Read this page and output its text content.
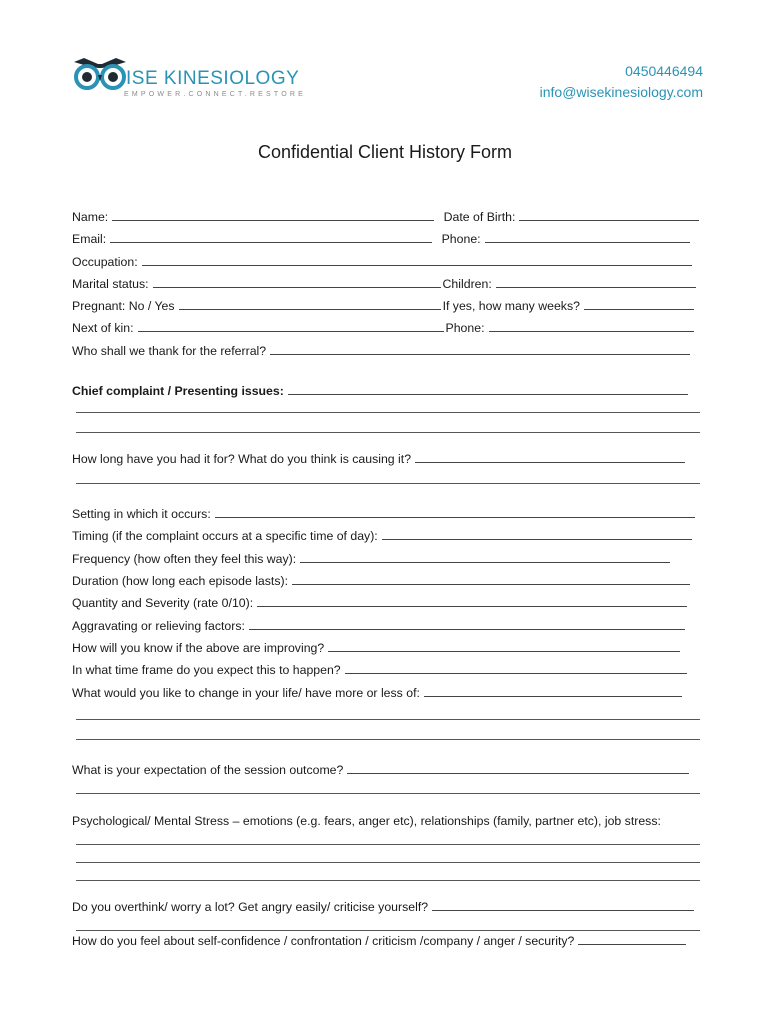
ISE KINESIOLOGY
EMPOWER.CONNECT.RESTORE
0450446494
info@wisekinesiology.com
Confidential Client History Form
Name:	Date of Birth:
Email:	Phone:
Occupation:
Marital status:	Children:
Pregnant: No / Yes	If yes, how many weeks?
Next of kin:	Phone:
Who shall we thank for the referral?
Chief complaint / Presenting issues:
How long have you had it for? What do you think is causing it?
Setting in which it occurs:
Timing (if the complaint occurs at a specific time of day):
Frequency (how often they feel this way):
Duration (how long each episode lasts):
Quantity and Severity (rate 0/10):
Aggravating or relieving factors:
How will you know if the above are improving?
In what time frame do you expect this to happen?
What would you like to change in your life/ have more or less of:
What is your expectation of the session outcome?
Psychological/ Mental Stress – emotions (e.g. fears, anger etc), relationships (family, partner etc), job stress:
Do you overthink/ worry a lot? Get angry easily/ criticise yourself?
How do you feel about self-confidence / confrontation / criticism /company / anger / security?
